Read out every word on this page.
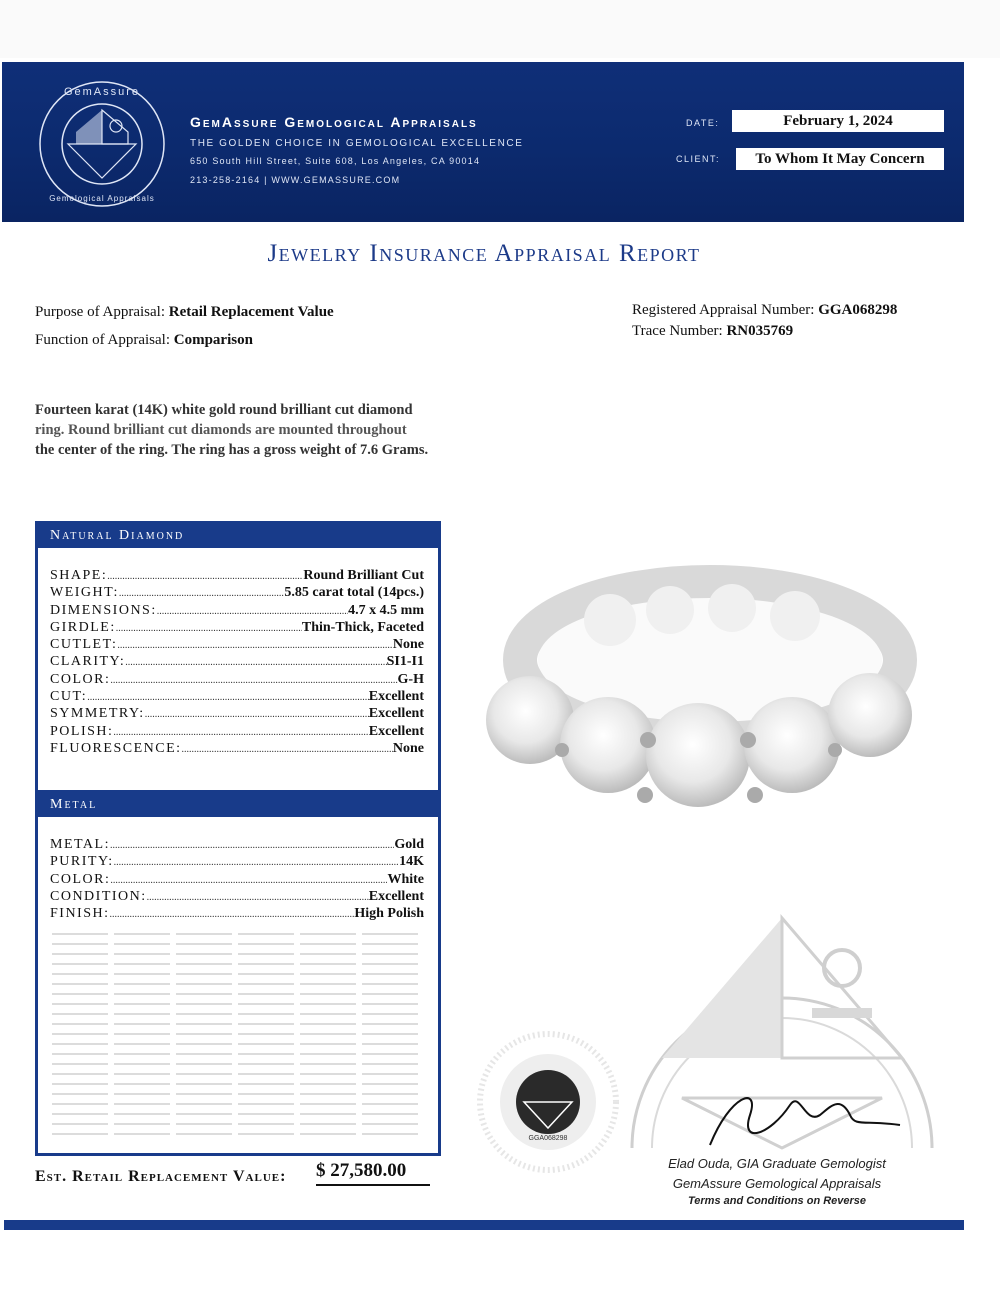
GemAssure
Gemological Appraisals
GemAssure Gemological Appraisals
THE GOLDEN CHOICE IN GEMOLOGICAL EXCELLENCE
650 South Hill Street, Suite 608, Los Angeles, CA 90014
213-258-2164 | WWW.GEMASSURE.COM
DATE:	February 1, 2024
CLIENT:	To Whom It May Concern
Jewelry Insurance Appraisal Report
Purpose of Appraisal: Retail Replacement Value
Function of Appraisal: Comparison
Registered Appraisal Number: GGA068298
Trace Number: RN035769
Fourteen karat (14K) white gold round brilliant cut diamond
ring. Round brilliant cut diamonds are mounted throughout
the center of the ring. The ring has a gross weight of 7.6 Grams.
Natural Diamond
SHAPE: .....	Round Brilliant Cut
WEIGHT: .....	5.85 carat total (14pcs.)
DIMENSIONS: .....	4.7 x 4.5 mm
GIRDLE: .....	Thin-Thick, Faceted
CUTLET: .....	None
CLARITY: .....	SI1-I1
COLOR: .....	G-H
CUT: .....	Excellent
SYMMETRY: .....	Excellent
POLISH: .....	Excellent
FLUORESCENCE: .....	None
Metal
METAL: .....	Gold
PURITY: .....	14K
COLOR: .....	White
CONDITION: .....	Excellent
FINISH: .....	High Polish
GGA068298
Elad Ouda, GIA Graduate Gemologist
GemAssure Gemological Appraisals
Terms and Conditions on Reverse
Est. Retail Replacement Value: $ 27,580.00
